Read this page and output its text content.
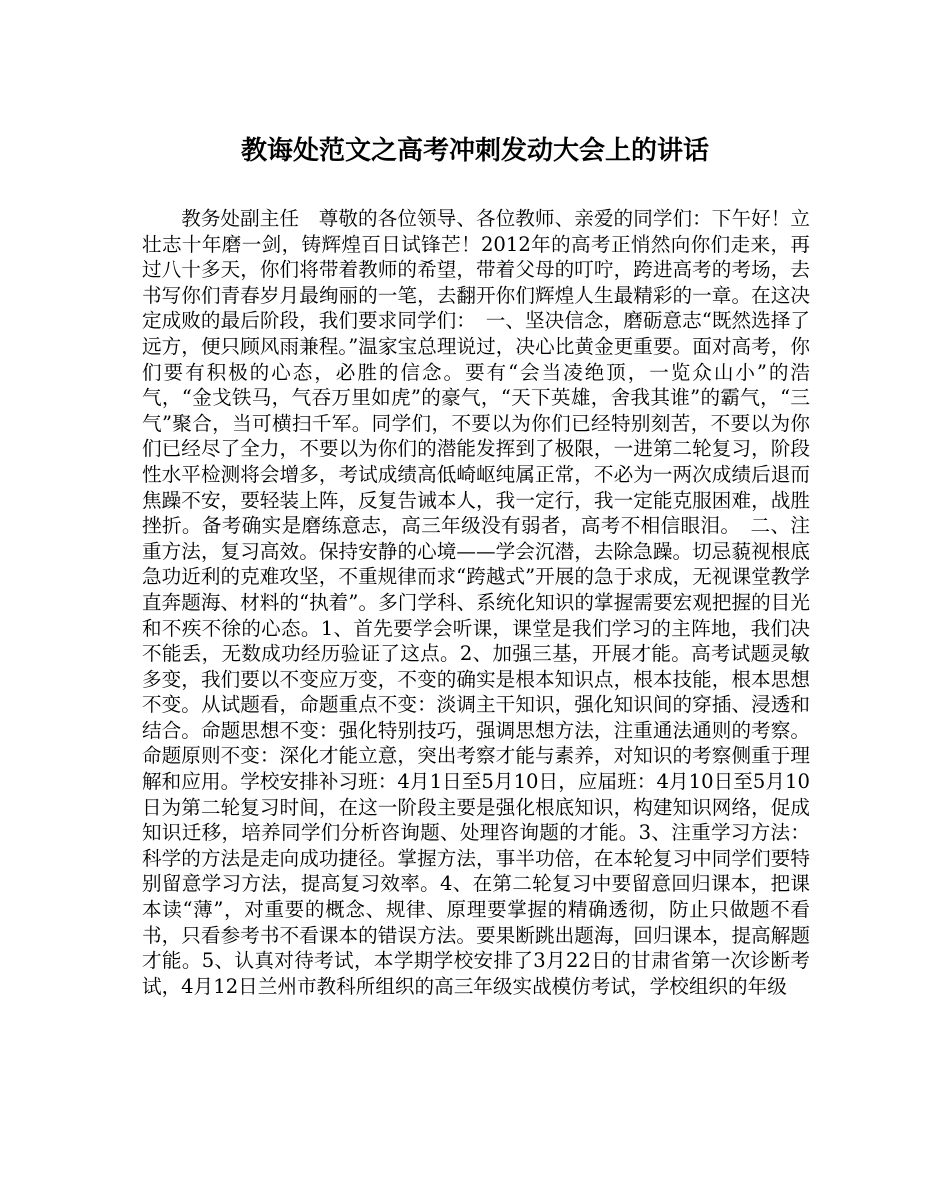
教诲处范文之高考冲刺发动大会上的讲话

教务处副主任　尊敬的各位领导、各位教师、亲爱的同学们：下午好！立壮志十年磨一剑，铸辉煌百日试锋芒！2012年的高考正悄然向你们走来，再过八十多天，你们将带着教师的希望，带着父母的叮咛，跨进高考的考场，去书写你们青春岁月最绚丽的一笔，去翻开你们辉煌人生最精彩的一章。在这决定成败的最后阶段，我们要求同学们：　一、坚决信念，磨砺意志“既然选择了远方，便只顾风雨兼程。”温家宝总理说过，决心比黄金更重要。面对高考，你们要有积极的心态，必胜的信念。要有“会当凌绝顶，一览众山小”的浩气，“金戈铁马，气吞万里如虎”的豪气，“天下英雄，舍我其谁”的霸气，“三气”聚合，当可横扫千军。同学们，不要以为你们已经特别刻苦，不要以为你们已经尽了全力，不要以为你们的潜能发挥到了极限，一进第二轮复习，阶段性水平检测将会增多，考试成绩高低崎岖纯属正常，不必为一两次成绩后退而焦躁不安，要轻装上阵，反复告诫本人，我一定行，我一定能克服困难，战胜挫折。备考确实是磨练意志，高三年级没有弱者，高考不相信眼泪。　二、注重方法，复习高效。保持安静的心境——学会沉潜，去除急躁。切忌藐视根底急功近利的克难攻坚，不重规律而求“跨越式”开展的急于求成，无视课堂教学直奔题海、材料的“执着”。多门学科、系统化知识的掌握需要宏观把握的目光和不疾不徐的心态。1、首先要学会听课，课堂是我们学习的主阵地，我们决不能丢，无数成功经历验证了这点。2、加强三基，开展才能。高考试题灵敏多变，我们要以不变应万变，不变的确实是根本知识点，根本技能，根本思想不变。从试题看，命题重点不变：淡调主干知识，强化知识间的穿插、浸透和结合。命题思想不变：强化特别技巧，强调思想方法，注重通法通则的考察。命题原则不变：深化才能立意，突出考察才能与素养，对知识的考察侧重于理解和应用。学校安排补习班：4月1日至5月10日，应届班：4月10日至5月10日为第二轮复习时间，在这一阶段主要是强化根底知识，构建知识网络，促成知识迁移，培养同学们分析咨询题、处理咨询题的才能。3、注重学习方法：科学的方法是走向成功捷径。掌握方法，事半功倍，在本轮复习中同学们要特别留意学习方法，提高复习效率。4、在第二轮复习中要留意回归课本，把课本读“薄”，对重要的概念、规律、原理要掌握的精确透彻，防止只做题不看书，只看参考书不看课本的错误方法。要果断跳出题海，回归课本，提高解题才能。5、认真对待考试，本学期学校安排了3月22日的甘肃省第一次诊断考试，4月12日兰州市教科所组织的高三年级实战模仿考试，学校组织的年级
